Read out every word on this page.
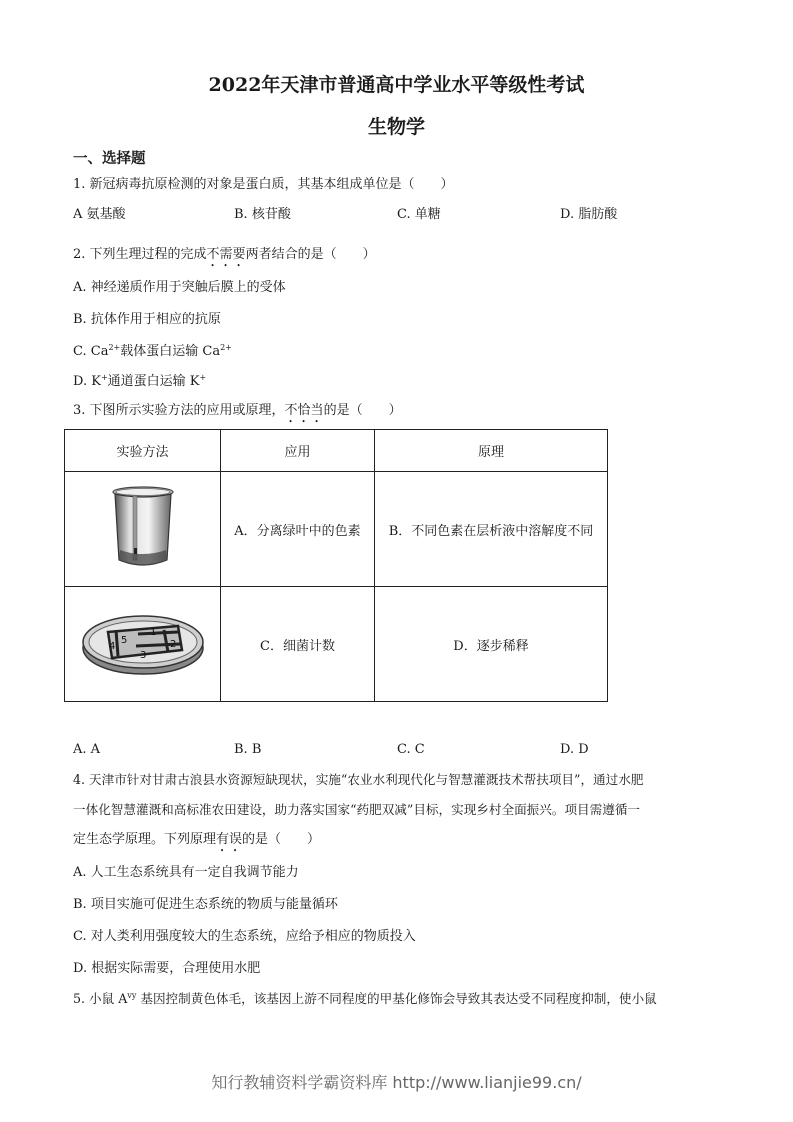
2022年天津市普通高中学业水平等级性考试
生物学
一、选择题
1. 新冠病毒抗原检测的对象是蛋白质，其基本组成单位是（　　）
A 氨基酸	B. 核苷酸	C. 单糖	D. 脂肪酸
2. 下列生理过程的完成不需要两者结合的是（　　）
A. 神经递质作用于突触后膜上的受体
B. 抗体作用于相应的抗原
C. $Ca^{2+}$载体蛋白运输 $Ca^{2+}$
D. K+通道蛋白运输 K+
3. 下图所示实验方法的应用或原理，不恰当的是（　　）
实验方法	应用	原理
	A．分离绿叶中的色素	B．不同色素在层析液中溶解度不同

1
2
3
4
5	C．细菌计数	D．逐步稀释
A. A	B. B	C. C	D. D
4. 天津市针对甘肃古浪县水资源短缺现状，实施“农业水利现代化与智慧灌溉技术帮扶项目”，通过水肥
一体化智慧灌溉和高标准农田建设，助力落实国家“药肥双减”目标，实现乡村全面振兴。项目需遵循一
定生态学原理。下列原理有误的是（　　）
A. 人工生态系统具有一定自我调节能力
B. 项目实施可促进生态系统的物质与能量循环
C. 对人类利用强度较大的生态系统，应给予相应的物质投入
D. 根据实际需要，合理使用水肥
5. 小鼠 $A^{vy}$ 基因控制黄色体毛，该基因上游不同程度的甲基化修饰会导致其表达受不同程度抑制，使小鼠
知行教辅资料学霸资料库 http://www.lianjie99.cn/
